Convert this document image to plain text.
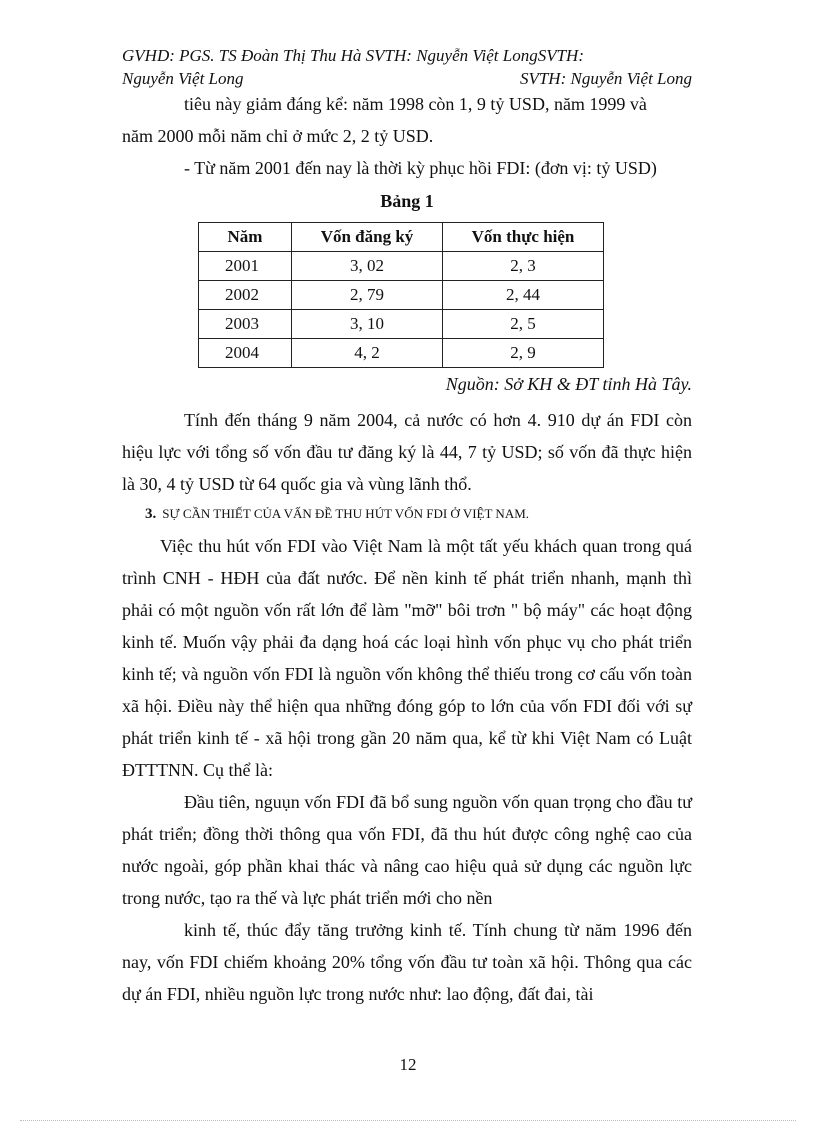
GVHD: PGS. TS Đoàn Thị Thu Hà SVTH: Nguyễn Việt LongSVTH:
Nguyễn Việt Long	SVTH: Nguyễn Việt Long

tiêu này giảm đáng kể: năm 1998 còn 1, 9 tỷ USD, năm 1999 và

năm 2000 mỗi năm chỉ ở mức 2, 2 tỷ USD.

- Từ năm 2001 đến nay là thời kỳ phục hồi FDI: (đơn vị: tỷ USD)

Bảng 1
Năm	Vốn đăng ký	Vốn thực hiện
2001	3, 02	2, 3
2002	2, 79	2, 44
2003	3, 10	2, 5
2004	4, 2	2, 9
Nguồn: Sở KH & ĐT tỉnh Hà Tây.
Tính đến tháng 9 năm 2004, cả nước có hơn 4. 910 dự án FDI còn hiệu lực với tổng số vốn đầu tư đăng ký là 44, 7 tỷ USD; số vốn đã thực hiện là 30, 4 tỷ USD từ 64 quốc gia và vùng lãnh thổ.
3. SỰ CẦN THIẾT CỦA VẤN ĐỀ THU HÚT VỐN FDI Ở VIỆT NAM.
Việc thu hút vốn FDI vào Việt Nam là một tất yếu khách quan trong quá trình CNH - HĐH của đất nước. Để nền kinh tế phát triển nhanh, mạnh thì phải có một nguồn vốn rất lớn để làm "mỡ" bôi trơn " bộ máy" các hoạt động kinh tế. Muốn vậy phải đa dạng hoá các loại hình vốn phục vụ cho phát triển kinh tế; và nguồn vốn FDI là nguồn vốn không thể thiếu trong cơ cấu vốn toàn xã hội. Điều này thể hiện qua những đóng góp to lớn của vốn FDI đối với sự phát triển kinh tế - xã hội trong gần 20 năm qua, kể từ khi Việt Nam có Luật ĐTTTNN. Cụ thể là:
Đầu tiên, nguụn vốn FDI đã bổ sung nguồn vốn quan trọng cho đầu tư phát triển; đồng thời thông qua vốn FDI, đã thu hút được công nghệ cao của nước ngoài, góp phần khai thác và nâng cao hiệu quả sử dụng các nguồn lực trong nước, tạo ra thế và lực phát triển mới cho nền
kinh tế, thúc đẩy tăng trưởng kinh tế. Tính chung từ năm 1996 đến nay, vốn FDI chiếm khoảng 20% tổng vốn đầu tư toàn xã hội. Thông qua các dự án FDI, nhiều nguồn lực trong nước như: lao động, đất đai, tài
12
